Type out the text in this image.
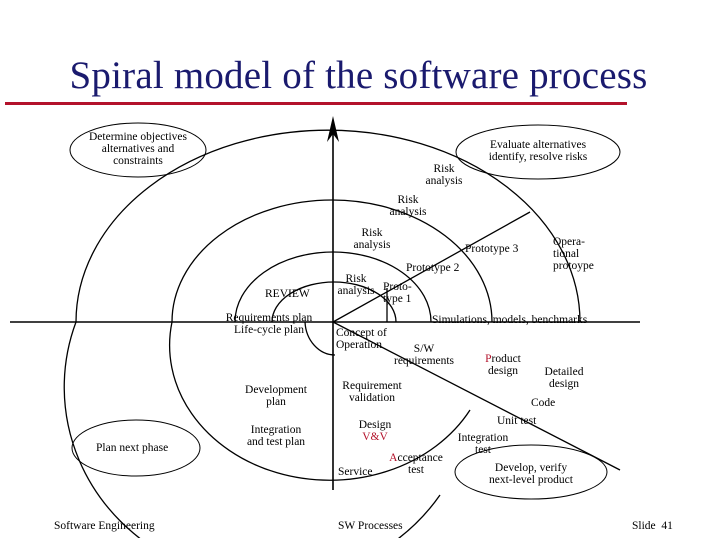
Spiral model of the software process
Determine objectives
alternatives and
constraints
Evaluate alternatives
identify, resolve risks
Plan next phase
Develop, verify
next-level product
Risk
analysis
Risk
analysis
Risk
analysis
Risk
analysis Proto-
type 1
Prototype 2
Prototype 3
Opera-
tional
protoype
REVIEW
Requirements plan
Life-cycle plan
Development
plan
Integration
and test plan
Concept of
Operation	S/W
requirements
Requirement
validation
Design
V&V
Service
Acceptance
test
Simulations, models, benchmarks
Product
design	Detailed
design
Code
Unit test
Integration
test
Software Engineering	SW Processes	Slide  41
